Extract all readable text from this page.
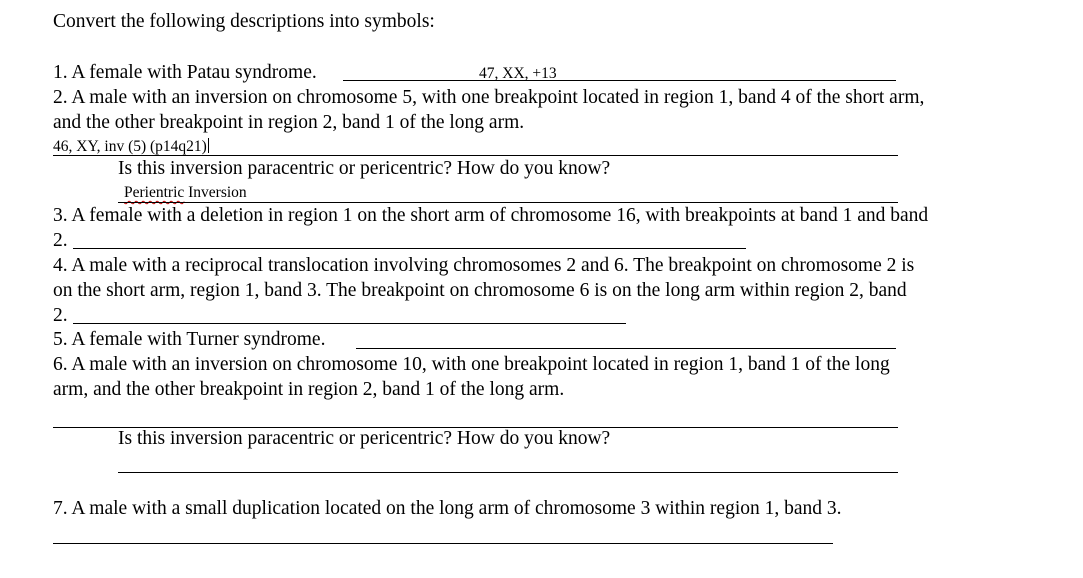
Convert the following descriptions into symbols:
1. A female with Patau syndrome.	47, XX, +13
2. A male with an inversion on chromosome 5, with one breakpoint located in region 1, band 4 of the short arm,
and the other breakpoint in region 2, band 1 of the long arm.
46, XY, inv (5) (p14q21)
Is this inversion paracentric or pericentric? How do you know?
Perientric Inversion
3. A female with a deletion in region 1 on the short arm of chromosome 16, with breakpoints at band 1 and band
2.
4. A male with a reciprocal translocation involving chromosomes 2 and 6. The breakpoint on chromosome 2 is
on the short arm, region 1, band 3. The breakpoint on chromosome 6 is on the long arm within region 2, band
2.
5. A female with Turner syndrome.
6. A male with an inversion on chromosome 10, with one breakpoint located in region 1, band 1 of the long
arm, and the other breakpoint in region 2, band 1 of the long arm.
Is this inversion paracentric or pericentric? How do you know?
7. A male with a small duplication located on the long arm of chromosome 3 within region 1, band 3.
